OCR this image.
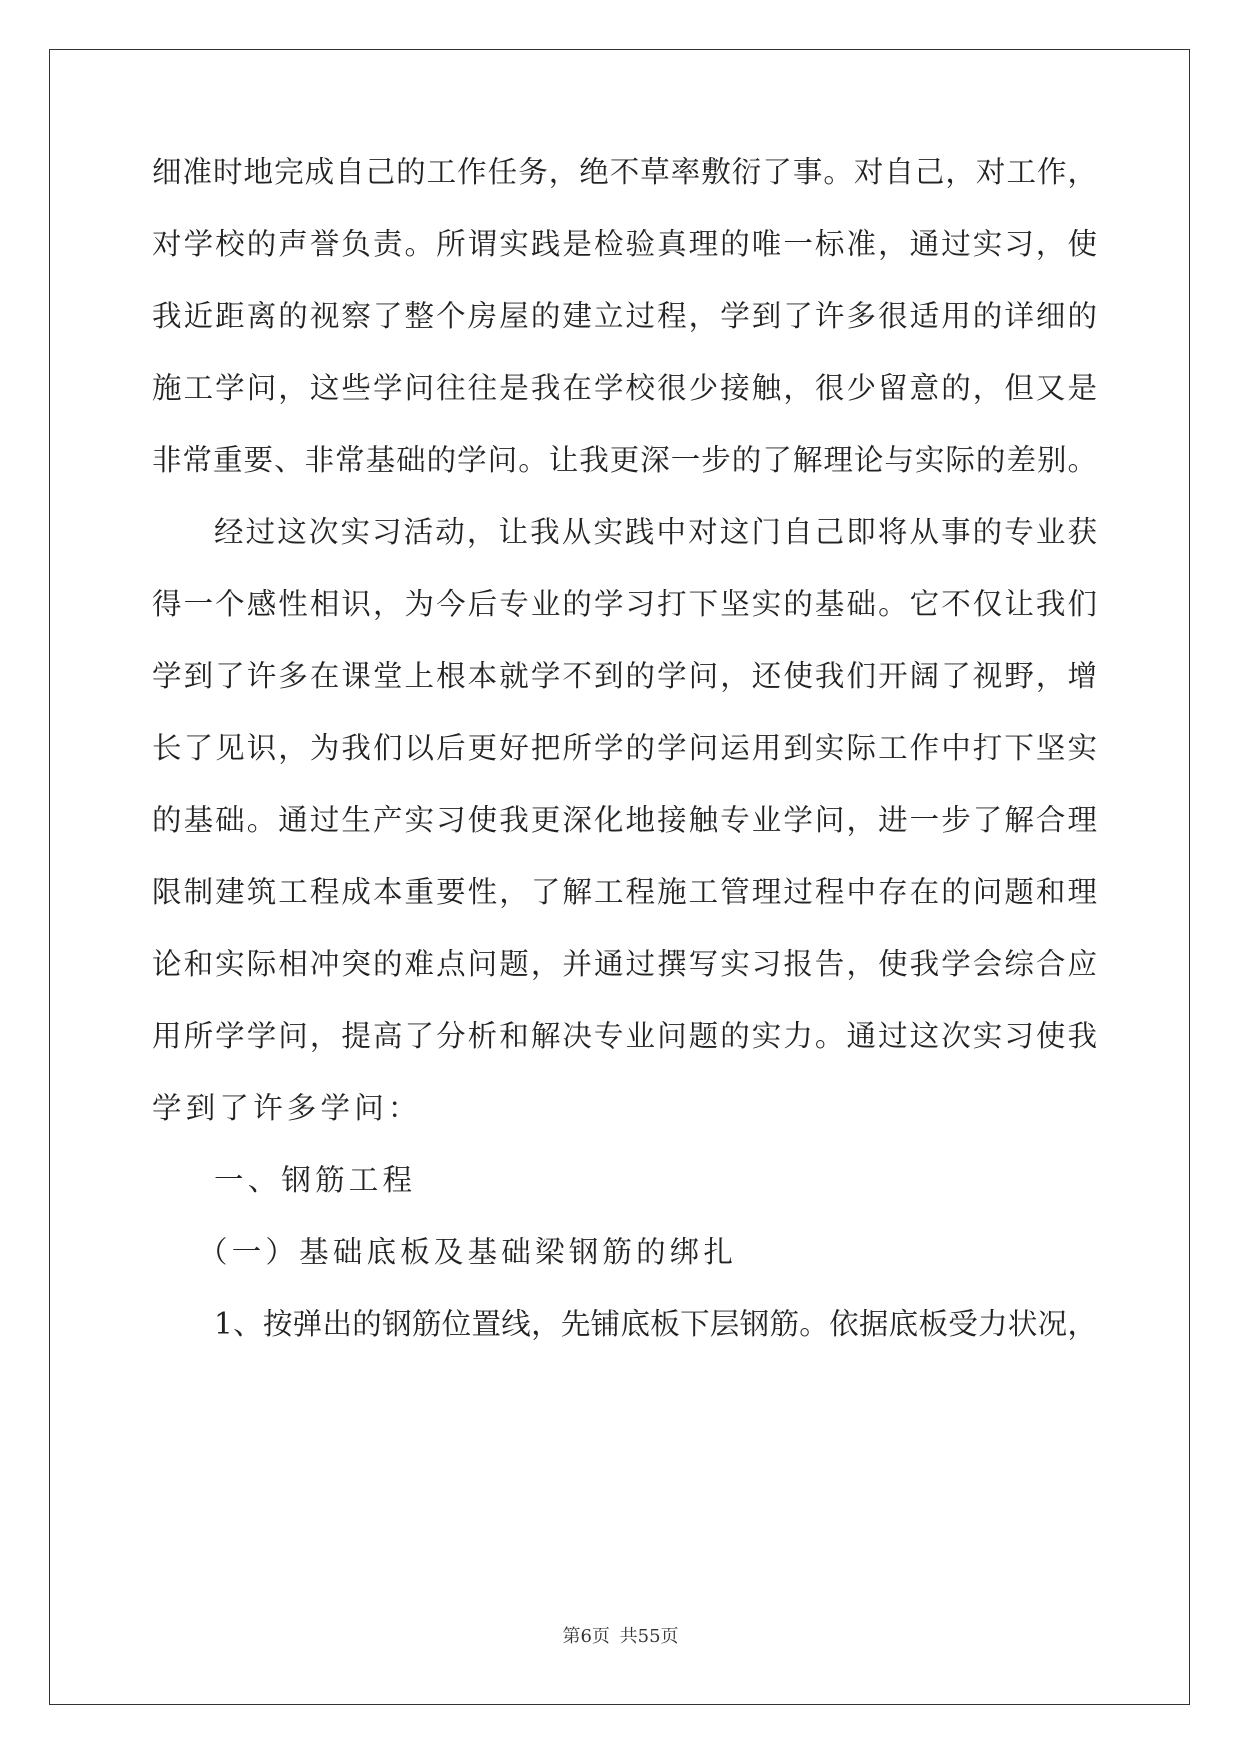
细准时地完成自己的工作任务，绝不草率敷衍了事。对自己，对工作，
对学校的声誉负责。所谓实践是检验真理的唯一标准，通过实习，使
我近距离的视察了整个房屋的建立过程，学到了许多很适用的详细的
施工学问，这些学问往往是我在学校很少接触，很少留意的，但又是
非常重要、非常基础的学问。让我更深一步的了解理论与实际的差别。
经过这次实习活动，让我从实践中对这门自己即将从事的专业获
得一个感性相识，为今后专业的学习打下坚实的基础。它不仅让我们
学到了许多在课堂上根本就学不到的学问，还使我们开阔了视野，增
长了见识，为我们以后更好把所学的学问运用到实际工作中打下坚实
的基础。通过生产实习使我更深化地接触专业学问，进一步了解合理
限制建筑工程成本重要性，了解工程施工管理过程中存在的问题和理
论和实际相冲突的难点问题，并通过撰写实习报告，使我学会综合应
用所学学问，提高了分析和解决专业问题的实力。通过这次实习使我
学到了许多学问：
一、钢筋工程
（一）基础底板及基础梁钢筋的绑扎
1、按弹出的钢筋位置线，先铺底板下层钢筋。依据底板受力状况，
第6页 共55页
